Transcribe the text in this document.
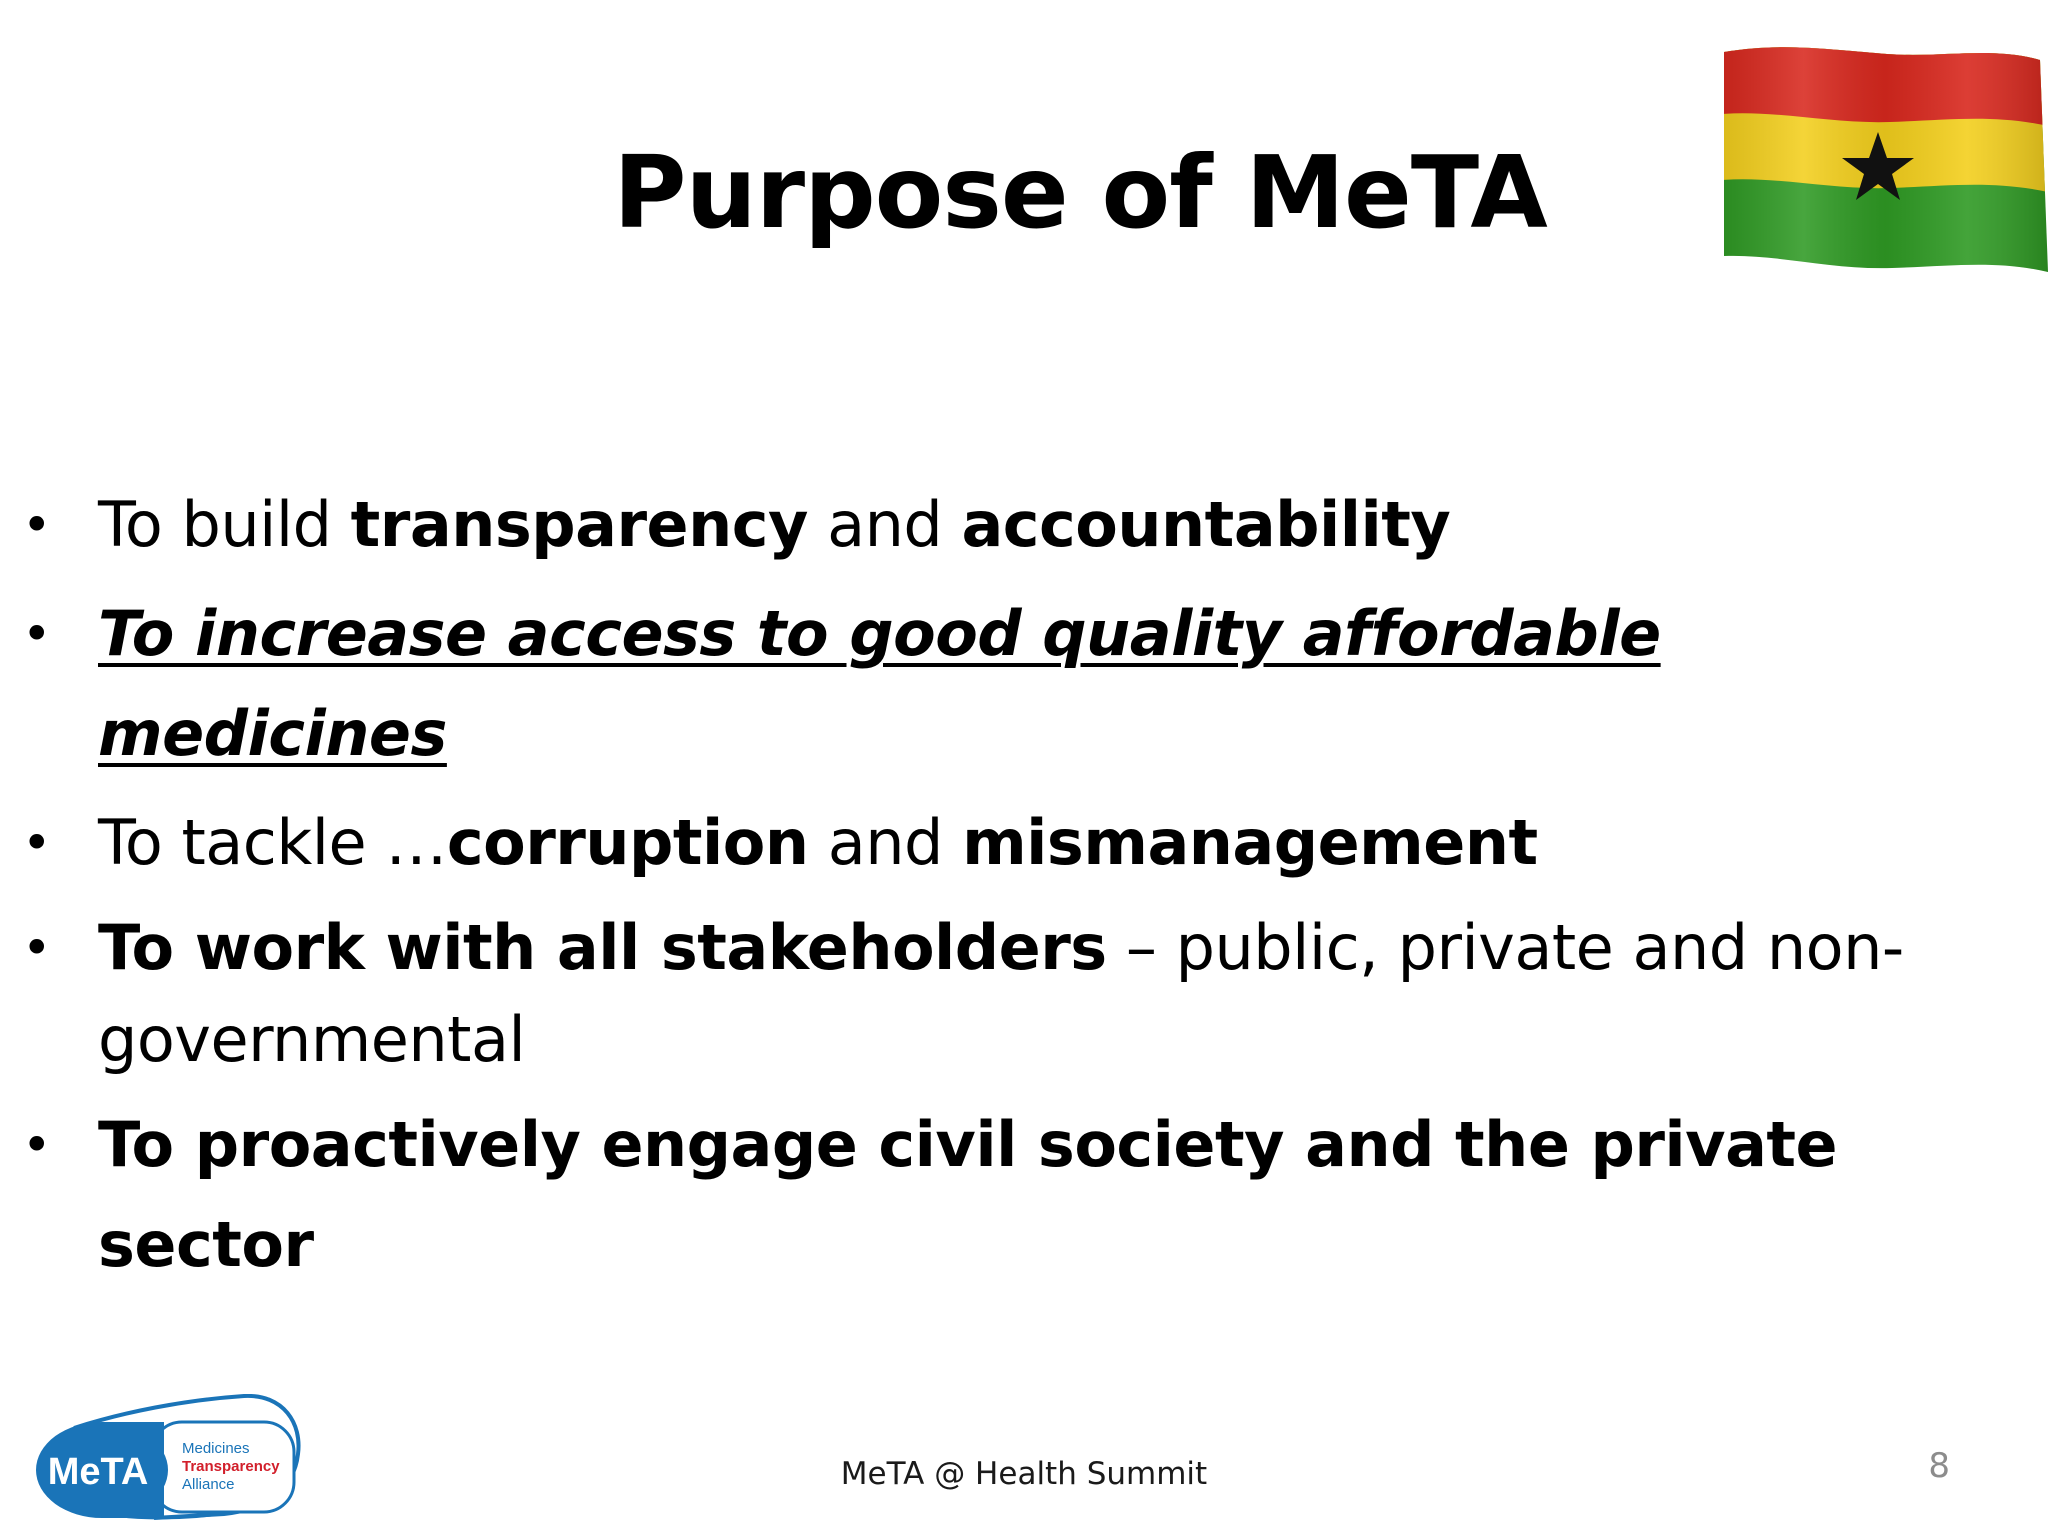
Purpose of MeTA
• To build transparency and accountability
• To increase access to good quality affordable medicines
• To tackle …corruption and mismanagement
• To work with all stakeholders – public, private and non-governmental
• To proactively engage civil society and the private sector
MeTA
Medicines
Transparency
Alliance	MeTA @ Health Summit	8
